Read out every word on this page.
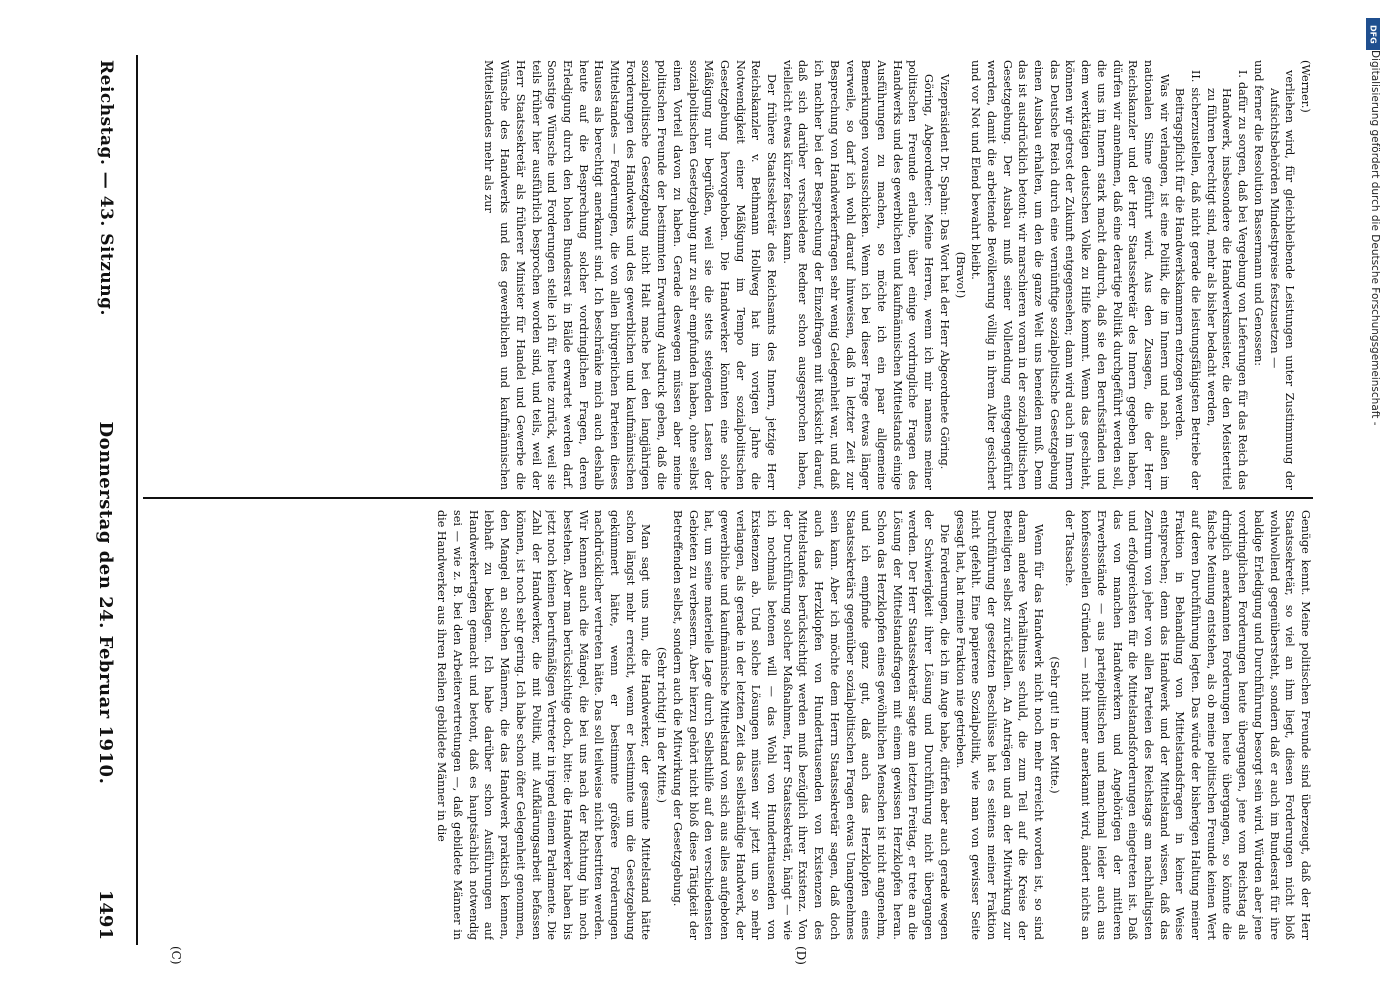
Reichstag. — 43. Sitzung.
Donnerstag den 24. Februar 1910.
1491
(C)	(D)

(Werner.)

verliehen wird, für gleichbleibende Leistungen unter Zustimmung der Aufsichtsbehörden Mindestpreise festzusetzen —

und ferner die Resolution Bassermann und Genossen:

I. dafür zu sorgen, daß bei Vergebung von Lieferungen für das Reich das Handwerk, insbesondere die Handwerksmeister, die den Meistertitel zu führen berechtigt sind, mehr als bisher bedacht werden,

II. sicherzustellen, daß nicht gerade die leistungsfähigsten Betriebe der Beitragspflicht für die Handwerkskammern entzogen werden.

Was wir verlangen, ist eine Politik, die im Innern und nach außen im nationalen Sinne geführt wird. Aus den Zusagen, die der Herr Reichskanzler und der Herr Staatssekretär des Innern gegeben haben, dürfen wir annehmen, daß eine derartige Politik durchgeführt werden soll, die uns im Innern stark macht dadurch, daß sie den Berufsständen und dem werktätigen deutschen Volke zu Hilfe kommt. Wenn das geschieht, können wir getrost der Zukunft entgegensehen; dann wird auch im Innern das Deutsche Reich durch eine vernünftige sozialpolitische Gesetzgebung einen Ausbau erhalten, um den die ganze Welt uns beneiden muß. Denn das ist ausdrücklich betont: wir marschieren voran in der sozialpolitischen Gesetzgebung. Der Ausbau muß seiner Vollendung entgegengeführt werden, damit die arbeitende Bevölkerung völlig in ihrem Alter gesichert und vor Not und Elend bewahrt bleibt.

(Bravo!)

Vizepräsident Dr. Spahn: Das Wort hat der Herr Abgeordnete Göring.

Göring, Abgeordneter: Meine Herren, wenn ich mir namens meiner politischen Freunde erlaube, über einige vordringliche Fragen des Handwerks und des gewerblichen und kaufmännischen Mittelstands einige Ausführungen zu machen, so möchte ich ein paar allgemeine Bemerkungen vorausschicken. Wenn ich bei dieser Frage etwas länger verweile, so darf ich wohl darauf hinweisen, daß in letzter Zeit zur Besprechung von Handwerkerfragen sehr wenig Gelegenheit war, und daß ich nachher bei der Besprechung der Einzelfragen mit Rücksicht darauf, daß sich darüber verschiedene Redner schon ausgesprochen haben, vielleicht etwas kürzer fassen kann.

Der frühere Staatssekretär des Reichsamts des Innern, jetzige Herr Reichskanzler v. Bethmann Hollweg hat im vorigen Jahre die Notwendigkeit einer Mäßigung im Tempo der sozialpolitischen Gesetzgebung hervorgehoben. Die Handwerker könnten eine solche Mäßigung nur begrüßen, weil sie die stets steigenden Lasten der sozialpolitischen Gesetzgebung nur zu sehr empfunden haben, ohne selbst einen Vorteil davon zu haben. Gerade deswegen müssen aber meine politischen Freunde der bestimmten Erwartung Ausdruck geben, daß die sozialpolitische Gesetzgebung nicht Halt mache bei den langjährigen Forderungen des Handwerks und des gewerblichen und kaufmännischen Mittelstandes — Forderungen, die von allen bürgerlichen Parteien dieses Hauses als berechtigt anerkannt sind. Ich beschränke mich auch deshalb heute auf die Besprechung solcher vordringlichen Fragen, deren Erledigung durch den hohen Bundesrat in Bälde erwartet werden darf. Sonstige Wünsche und Forderungen stelle ich für heute zurück, weil sie teils früher hier ausführlich besprochen worden sind, und teils, weil der Herr Staatssekretär als früherer Minister für Handel und Gewerbe die Wünsche des Handwerks und des gewerblichen und kaufmännischen Mittelstandes mehr als zur

Genüge kennt. Meine politischen Freunde sind überzeugt, daß der Herr Staatssekretär, so viel an ihm liegt, diesen Forderungen nicht bloß wohlwollend gegenübersteht, sondern daß er auch im Bundesrat für ihre baldige Erledigung und Durchführung besorgt sein wird. Würden aber jene vordringlichen Forderungen heute übergangen, jene vom Reichstag als dringlich anerkannten Forderungen heute übergangen, so könnte die falsche Meinung entstehen, als ob meine politischen Freunde keinen Wert auf deren Durchführung legten. Das würde der bisherigen Haltung meiner Fraktion in Behandlung von Mittelstandsfragen in keiner Weise entsprechen; denn das Handwerk und der Mittelstand wissen, daß das Zentrum von jeher von allen Parteien des Reichstags am nachhaltigsten und erfolgreichsten für die Mittelstandsforderungen eingetreten ist. Daß das von manchen Handwerkern und Angehörigen der mittleren Erwerbsstände — aus parteipolitischen und manchmal leider auch aus konfessionellen Gründen — nicht immer anerkannt wird, ändert nichts an der Tatsache.

(Sehr gut! in der Mitte.)

Wenn für das Handwerk nicht noch mehr erreicht worden ist, so sind daran andere Verhältnisse schuld, die zum Teil auf die Kreise der Beteiligten selbst zurückfallen. An Anträgen und an der Mitwirkung zur Durchführung der gesetzten Beschlüsse hat es seitens meiner Fraktion nicht gefehlt. Eine papierene Sozialpolitik, wie man von gewisser Seite gesagt hat, hat meine Fraktion nie getrieben.

Die Forderungen, die ich im Auge habe, dürfen aber auch gerade wegen der Schwierigkeit ihrer Lösung und Durchführung nicht übergangen werden. Der Herr Staatssekretär sagte am letzten Freitag, er trete an die Lösung der Mittelstandsfragen mit einem gewissen Herzklopfen heran. Schon das Herzklopfen eines gewöhnlichen Menschen ist nicht angenehm, und ich empfinde ganz gut, daß auch das Herzklopfen eines Staatssekretärs gegenüber sozialpolitischen Fragen etwas Unangenehmes sein kann. Aber ich möchte dem Herrn Staatssekretär sagen, daß doch auch das Herzklopfen von Hunderttausenden von Existenzen des Mittelstandes berücksichtigt werden muß bezüglich ihrer Existenz. Von der Durchführung solcher Maßnahmen, Herr Staatssekretär, hängt — wie ich nochmals betonen will — das Wohl von Hunderttausenden von Existenzen ab. Und solche Lösungen müssen wir jetzt um so mehr verlangen, als gerade in der letzten Zeit das selbständige Handwerk, der gewerbliche und kaufmännische Mittelstand von sich aus alles aufgeboten hat, um seine materielle Lage durch Selbsthilfe auf den verschiedensten Gebieten zu verbessern. Aber hierzu gehört nicht bloß diese Tätigkeit der Betreffenden selbst, sondern auch die Mitwirkung der Gesetzgebung.

(Sehr richtig! in der Mitte.)

Man sagt uns nun, die Handwerker, der gesamte Mittelstand hätte schon längst mehr erreicht, wenn er bestimmte um die Gesetzgebung gekümmert hätte, wenn er bestimmte größere Forderungen nachdrücklicher vertreten hätte. Das soll teilweise nicht bestritten werden. Wir kennen auch die Mängel, die bei uns nach der Richtung hin noch bestehen. Aber man berücksichtige doch, bitte: die Handwerker haben bis jetzt noch keinen berufsmäßigen Vertreter in irgend einem Parlamente. Die Zahl der Handwerker, die mit Politik, mit Aufklärungsarbeit befassen können, ist noch sehr gering. Ich habe schon öfter Gelegenheit genommen, den Mangel an solchen Männern, die das Handwerk praktisch kennen, lebhaft zu beklagen. Ich habe darüber schon Ausführungen auf Handwerkertagen gemacht und betont, daß es hauptsächlich notwendig sei — wie z. B. bei den Arbeitervertretungen —, daß gebildete Männer in die Handwerker aus ihren Reihen gebildete Männer in die

DFG
Digitalisierung gefördert durch die Deutsche Forschungsgemeinschaft -
